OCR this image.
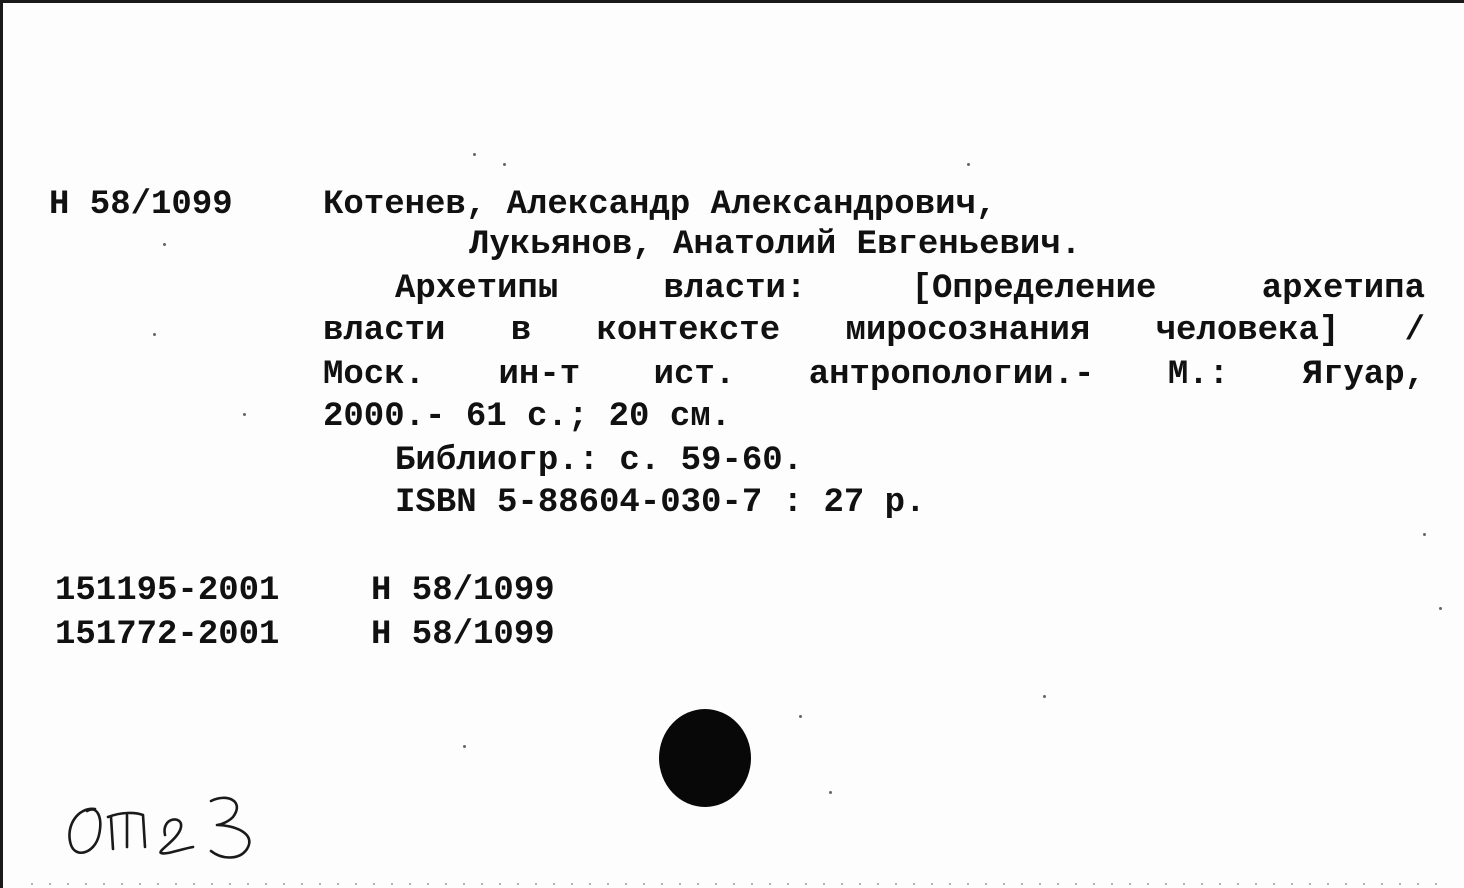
Н 58/1099	Котенев, Александр Александрович,
Лукьянов, Анатолий Евгеньевич.
Архетипы	власти:	[Определение	архетипа
власти в контексте миросознания человека] /
Моск. ин-т ист. антропологии.- М.: Ягуар,
2000.- 61 с.; 20 см.
Библиогр.: с. 59-60.
ISBN 5-88604-030-7 : 27 р.
151195-2001	Н 58/1099
151772-2001	Н 58/1099
